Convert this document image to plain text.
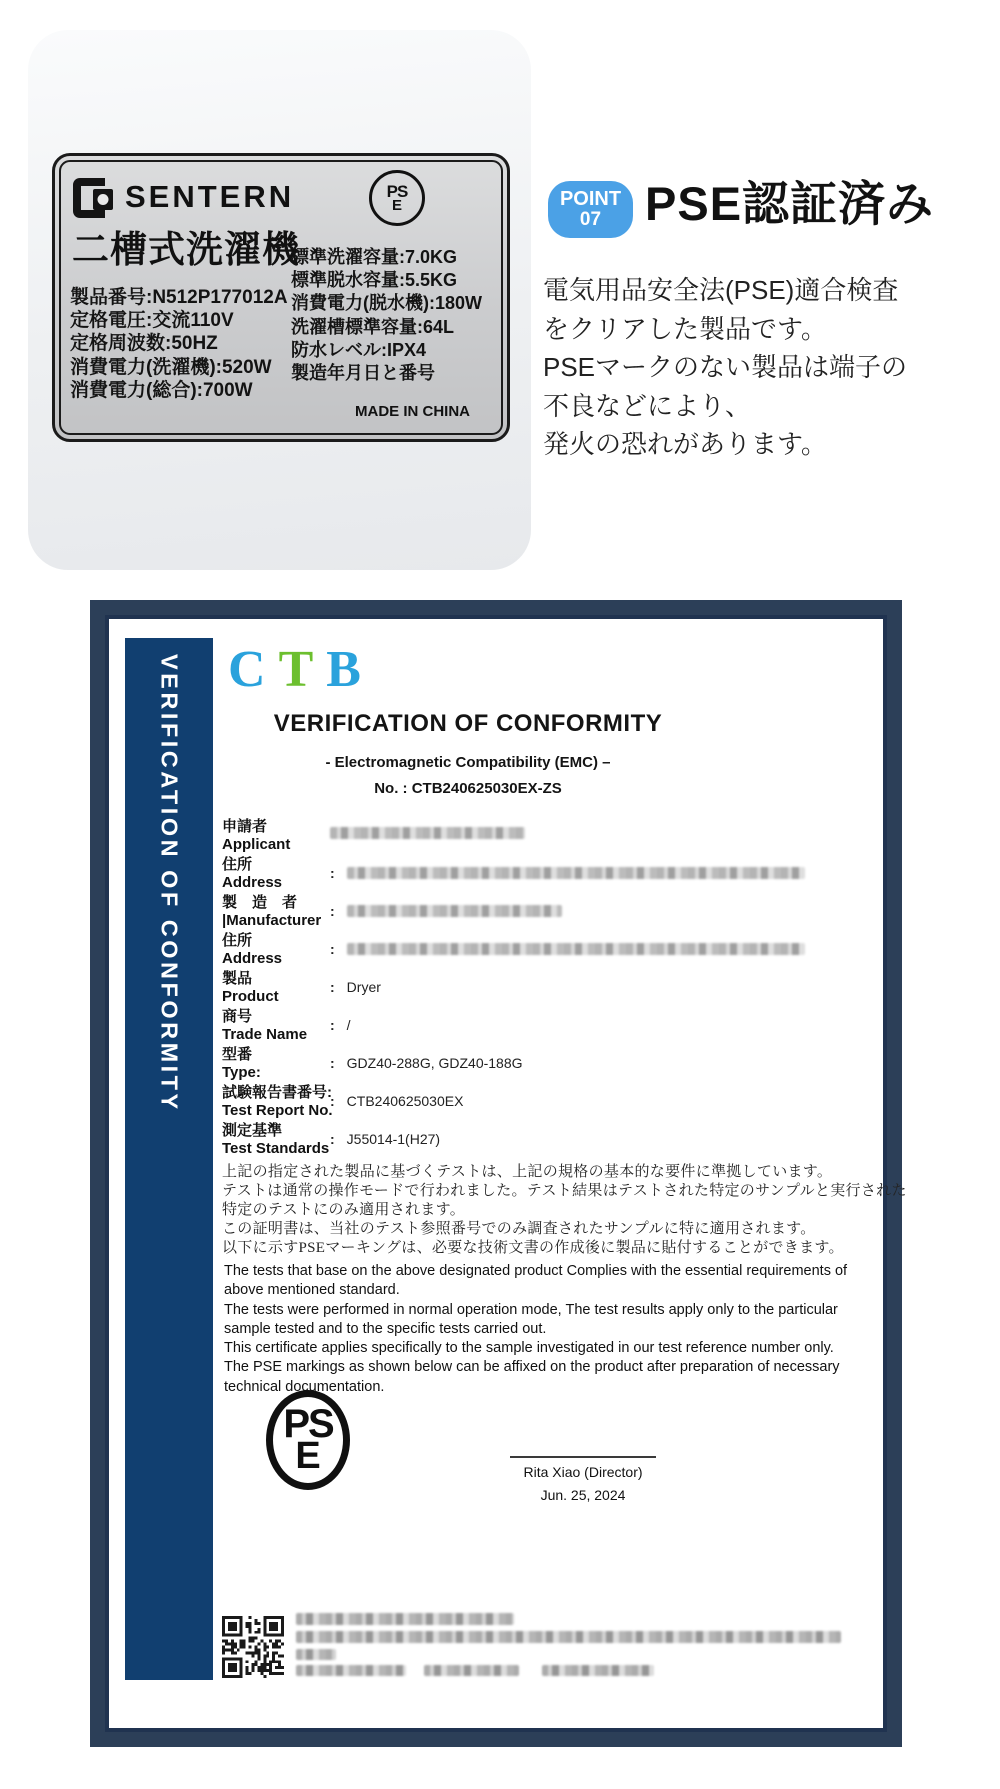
SENTERN	PS
E
二槽式洗濯機
製品番号:N512P177012A
定格電圧:交流110V
定格周波数:50HZ
消費電力(洗濯機):520W
消費電力(総合):700W
標準洗濯容量:7.0KG
標準脱水容量:5.5KG
消費電力(脱水機):180W
洗濯槽標準容量:64L
防水レベル:IPX4
製造年月日と番号
MADE IN CHINA
POINT
07 PSE認証済み
電気用品安全法(PSE)適合検査
をクリアした製品です。
PSEマークのない製品は端子の
不良などにより、
発火の恐れがあります。
VERIFICATION OF CONFORMITY CTB
VERIFICATION OF CONFORMITY
- Electromagnetic Compatibility (EMC) –
No. : CTB240625030EX-ZS
申請者
Applicant
住所
Address
:
製　造　者
|Manufacturer
:
住所
Address
:
製品
Product
: Dryer
商号
Trade Name
: /
型番
Type:
: GDZ40-288G, GDZ40-188G
試験報告書番号:
Test Report No.
: CTB240625030EX
測定基準
Test Standards
: J55014-1(H27)
上記の指定された製品に基づくテストは、上記の規格の基本的な要件に準拠しています。
テストは通常の操作モードで行われました。テスト結果はテストされた特定のサンプルと実行された
特定のテストにのみ適用されます。
この証明書は、当社のテスト参照番号でのみ調査されたサンプルに特に適用されます。
以下に示すPSEマーキングは、必要な技術文書の作成後に製品に貼付することができます。
The tests that base on the above designated product Complies with the essential requirements of
above mentioned standard.
The tests were performed in normal operation mode, The test results apply only to the particular
sample tested and to the specific tests carried out.
This certificate applies specifically to the sample investigated in our test reference number only.
The PSE markings as shown below can be affixed on the product after preparation of necessary
technical documentation.
PS
E	Rita Xiao (Director)
Jun. 25, 2024
